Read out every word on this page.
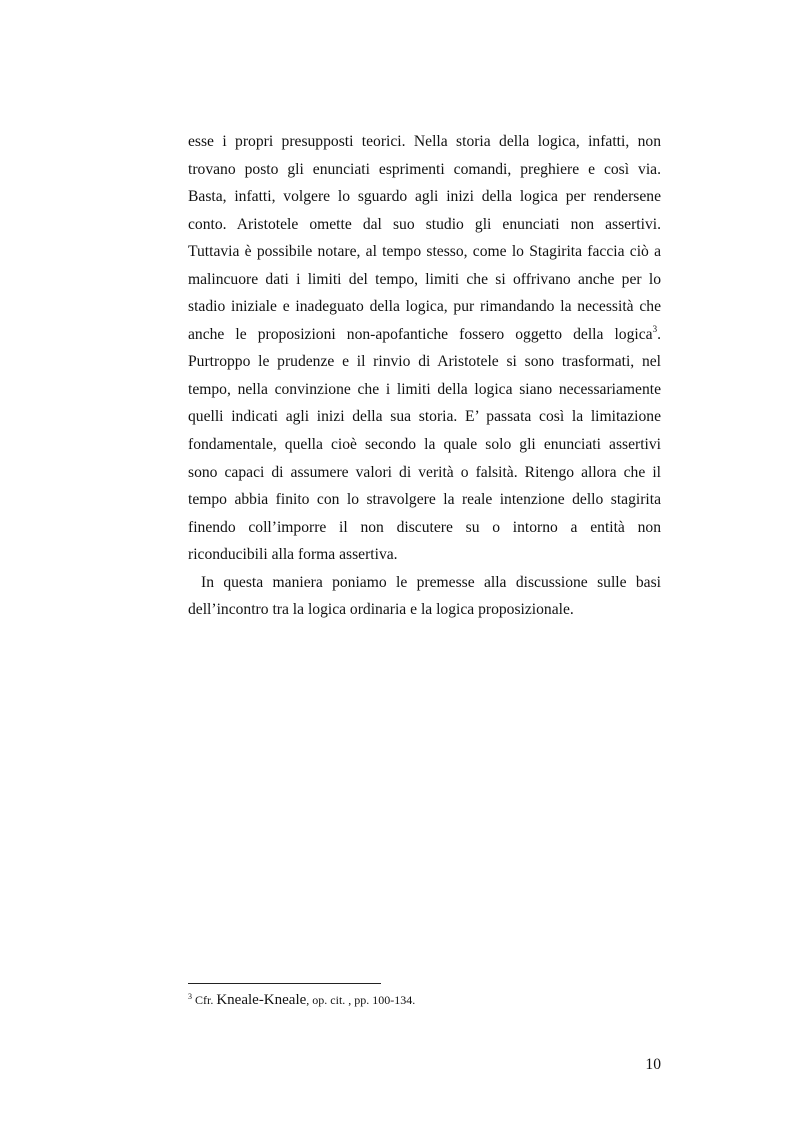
esse i propri presupposti teorici. Nella storia della logica, infatti, non
trovano posto gli enunciati esprimenti comandi, preghiere e così via.
Basta, infatti, volgere lo sguardo agli inizi della logica per rendersene
conto. Aristotele omette dal suo studio gli enunciati non assertivi.
Tuttavia è possibile notare, al tempo stesso, come lo Stagirita faccia ciò a
malincuore dati i limiti del tempo, limiti che si offrivano anche per lo
stadio iniziale e inadeguato della logica, pur rimandando la necessità che
anche le proposizioni non-apofantiche fossero oggetto della logica$^3$.
Purtroppo le prudenze e il rinvio di Aristotele si sono trasformati, nel
tempo, nella convinzione che i limiti della logica siano necessariamente
quelli indicati agli inizi della sua storia. E’ passata così la limitazione
fondamentale, quella cioè secondo la quale solo gli enunciati assertivi
sono capaci di assumere valori di verità o falsità. Ritengo allora che il
tempo abbia finito con lo stravolgere la reale intenzione dello stagirita
finendo coll’imporre il non discutere su o intorno a entità non
riconducibili alla forma assertiva.
In questa maniera poniamo le premesse alla discussione sulle basi
dell’incontro tra la logica ordinaria e la logica proposizionale.
$^3$ Cfr. Kneale-Kneale, op. cit. , pp. 100-134.
10
